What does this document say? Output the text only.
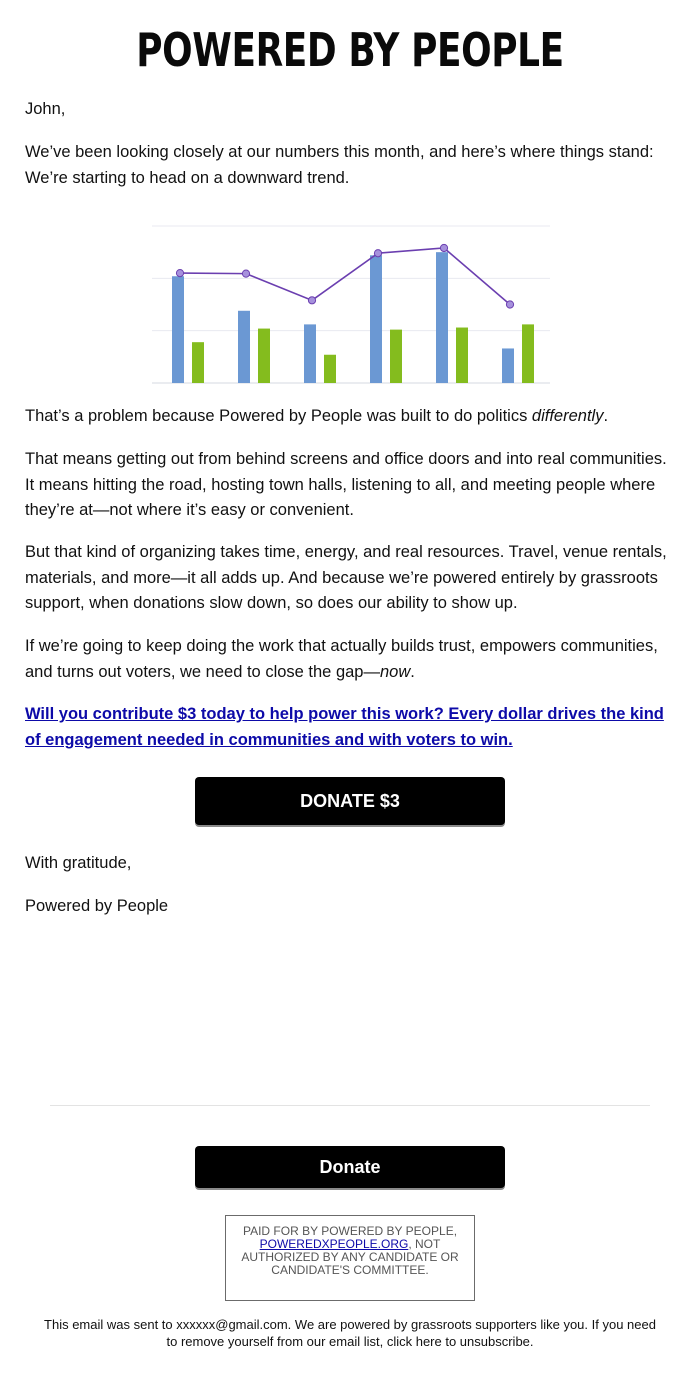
POWERED BY PEOPLE

John,

We’ve been looking closely at our numbers this month, and here’s where things stand: We’re starting to head on a downward trend.

That’s a problem because Powered by People was built to do politics differently.

That means getting out from behind screens and office doors and into real communities. It means hitting the road, hosting town halls, listening to all, and meeting people where they’re at—not where it’s easy or convenient.

But that kind of organizing takes time, energy, and real resources. Travel, venue rentals, materials, and more—it all adds up. And because we’re powered entirely by grassroots support, when donations slow down, so does our ability to show up.

If we’re going to keep doing the work that actually builds trust, empowers communities, and turns out voters, we need to close the gap—now.

Will you contribute $3 today to help power this work? Every dollar drives the kind of engagement needed in communities and with voters to win.
DONATE $3

With gratitude,

Powered by People

Donate
PAID FOR BY POWERED BY PEOPLE, POWEREDXPEOPLE.ORG, NOT AUTHORIZED BY ANY CANDIDATE OR CANDIDATE'S COMMITTEE.
This email was sent to xxxxxx@gmail.com. We are powered by grassroots supporters like you. If you need to remove yourself from our email list, click here to unsubscribe.
